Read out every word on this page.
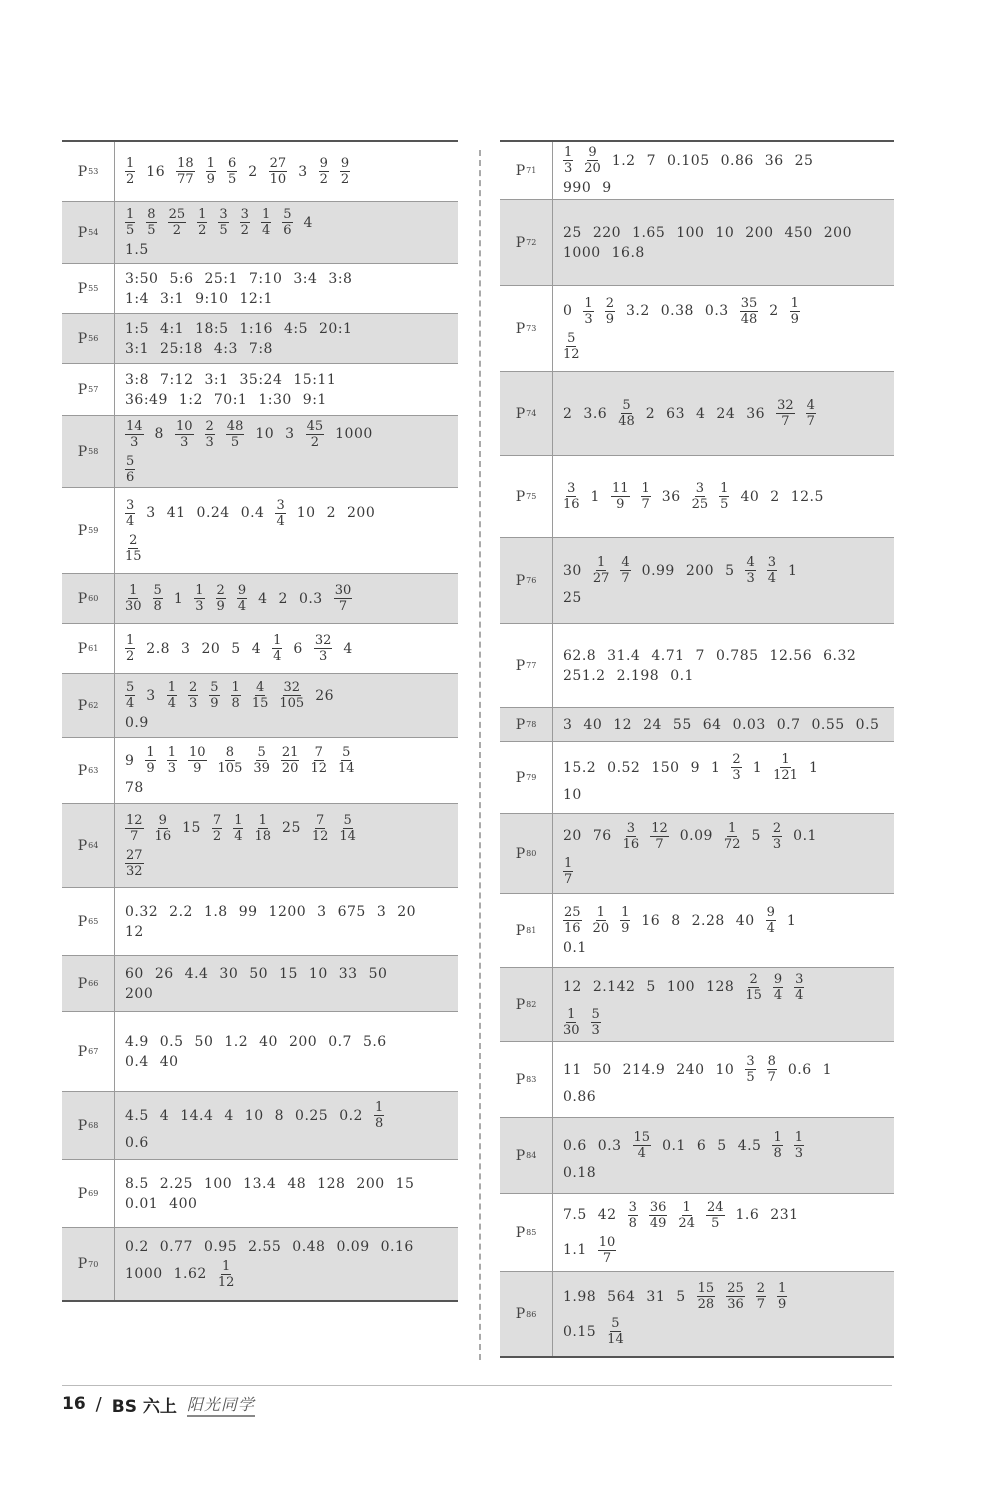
P $53 \frac{1}{2} 16 \frac{18}{77} \frac{1}{9} \frac{6}{5} 2 \frac{27}{10} 3 \frac{9}{2} \frac{9}{2}$
P $54 \frac{1}{5} \frac{8}{5} \frac{25}{2} \frac{1}{2} \frac{3}{5} \frac{3}{2} \frac{1}{4} \frac{5}{6} 4$
1.5
P 55
3:50 5:6 25:1 7:10 3:4 3:8
1:4 3:1 9:10 12:1
P 56
1:5 4:1 18:5 1:16 4:5 20:1
3:1 25:18 4:3 7:8
P 57
3:8 7:12 3:1 35:24 15:11
36:49 1:2 70:1 1:30 9:1
P 58
$\frac{14}{3} 8 \frac{10}{3} \frac{2}{3} \frac{48}{5} 10$ $3 \frac{45}{2} 1000$
$\frac{5}{6}$
P 59
$\frac{3}{4} 3$ 41 0.24 $0.4 \frac{3}{4} 10$ 2 200
$\frac{2}{15}$
P $60 \frac{1}{30} \frac{5}{8} 1 \frac{1}{3} \frac{2}{9} \frac{9}{4} 4$ 2 $0.3 \frac{30}{7}$
P $61 \frac{1}{2} 2.8$ 3 20 5 $4 \frac{1}{4} 6 \frac{32}{3} 4$
P $62 \frac{5}{4} 3 \frac{1}{4} \frac{2}{3} \frac{5}{9} \frac{1}{8} \frac{4}{15} \frac{32}{105} 26$
0.9
P 63
$9 \frac{1}{9} \frac{1}{3} \frac{10}{9} \frac{8}{105} \frac{5}{39} \frac{21}{20} \frac{7}{12} \frac{5}{14}$
78
P 64
$\frac{12}{7} \frac{9}{16} 15 \frac{7}{2} \frac{1}{4} \frac{1}{18} 25 \frac{7}{12} \frac{5}{14}$
$\frac{27}{32}$
P 65
0.32 2.2 1.8 99 1200 3 675 3 20
12
P 66
60 26 4.4 30 50 15 10 33 50
200
P 67
4.9 0.5 50 1.2 40 200 0.7 5.6
0.4 40
P 68
4.5 4 14.4 4 10 8 0.25 $0.2 \frac{1}{8}$
0.6
P 69
8.5 2.25 100 13.4 48 128 200 15
0.01 400
P 70
0.2 0.77 0.95 2.55 0.48 0.09 0.16
1000 $1.62 \frac{1}{12}$
P $71 \frac{1}{3} \frac{9}{20} 1.2$ 7 0.105 0.86 36 25
990 9
P 72
25 220 1.65 100 10 200 450 200
1000 16.8
P 73
$0 \frac{1}{3} \frac{2}{9} 3.2$ 0.38 $0.3 \frac{35}{48} 2 \frac{1}{9}$
$\frac{5}{12}$
P 74 2 $3.6 \frac{5}{48} 2$ 63 4 24 $36 \frac{32}{7} \frac{4}{7}$
P $75 \frac{3}{16} 1 \frac{11}{9} \frac{1}{7} 36 \frac{3}{25} \frac{1}{5} 40$ 2 12.5
P 76
$30 \frac{1}{27} \frac{4}{7} 0.99$ 200 $5 \frac{4}{3} \frac{3}{4} 1$
25
P 77
62.8 31.4 4.71 7 0.785 12.56 6.32
251.2 2.198 0.1
P 78 3 40 12 24 55 64 0.03 0.7 0.55 0.5
P 79
15.2 0.52 150 9 $1 \frac{2}{3} 1 \frac{1}{121} 1$
10
P 80
20 $76 \frac{3}{16} \frac{12}{7} 0.09 \frac{1}{72} 5 \frac{2}{3} 0.1$
$\frac{1}{7}$
P $81 \frac{25}{16} \frac{1}{20} \frac{1}{9} 16$ 8 2.28 $40 \frac{9}{4} 1$
0.1
P 82
12 2.142 5 100 $128 \frac{2}{15} \frac{9}{4} \frac{3}{4}$
$\frac{1}{30} \frac{5}{3}$
P 83
11 50 214.9 240 $10 \frac{3}{5} \frac{8}{7} 0.6$ 1
0.86
P 84
0.6 $0.3 \frac{15}{4} 0.1$ 6 5 $4.5 \frac{1}{8} \frac{1}{3}$
0.18
P 85
7.5 $42 \frac{3}{8} \frac{36}{49} \frac{1}{24} \frac{24}{5} 1.6$ 231
$1.1 \frac{10}{7}$
P 86
1.98 564 31 $5 \frac{15}{28} \frac{25}{36} \frac{2}{7} \frac{1}{9}$
$0.15 \frac{5}{14}$
16 / BS 六上 阳光同学
